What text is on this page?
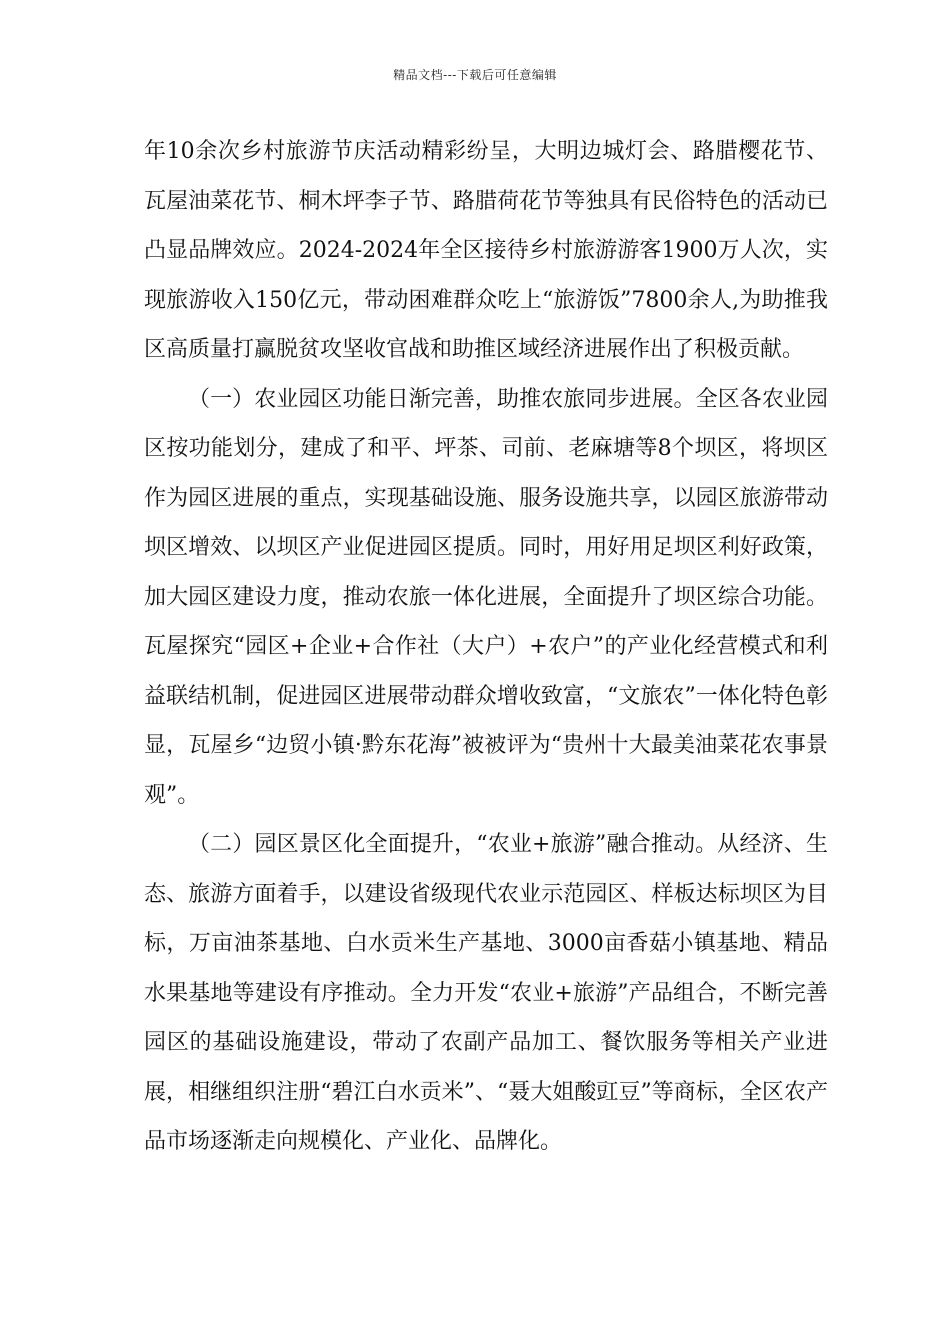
精品文档---下载后可任意编辑

年10余次乡村旅游节庆活动精彩纷呈，大明边城灯会、路腊樱花节、瓦屋油菜花节、桐木坪李子节、路腊荷花节等独具有民俗特色的活动已凸显品牌效应。2024-2024年全区接待乡村旅游游客1900万人次，实现旅游收入150亿元，带动困难群众吃上“旅游饭”7800余人,为助推我区高质量打赢脱贫攻坚收官战和助推区域经济进展作出了积极贡献。

（一）农业园区功能日渐完善，助推农旅同步进展。全区各农业园区按功能划分，建成了和平、坪茶、司前、老麻塘等8个坝区，将坝区作为园区进展的重点，实现基础设施、服务设施共享，以园区旅游带动坝区增效、以坝区产业促进园区提质。同时，用好用足坝区利好政策，加大园区建设力度，推动农旅一体化进展，全面提升了坝区综合功能。瓦屋探究“园区+企业+合作社（大户）+农户”的产业化经营模式和利益联结机制，促进园区进展带动群众增收致富，“文旅农”一体化特色彰显，瓦屋乡“边贸小镇·黔东花海”被被评为“贵州十大最美油菜花农事景观”。

（二）园区景区化全面提升，“农业+旅游”融合推动。从经济、生态、旅游方面着手，以建设省级现代农业示范园区、样板达标坝区为目标，万亩油茶基地、白水贡米生产基地、3000亩香菇小镇基地、精品水果基地等建设有序推动。全力开发“农业+旅游”产品组合，不断完善园区的基础设施建设，带动了农副产品加工、餐饮服务等相关产业进展，相继组织注册“碧江白水贡米”、“聂大姐酸豇豆”等商标，全区农产品市场逐渐走向规模化、产业化、品牌化。
